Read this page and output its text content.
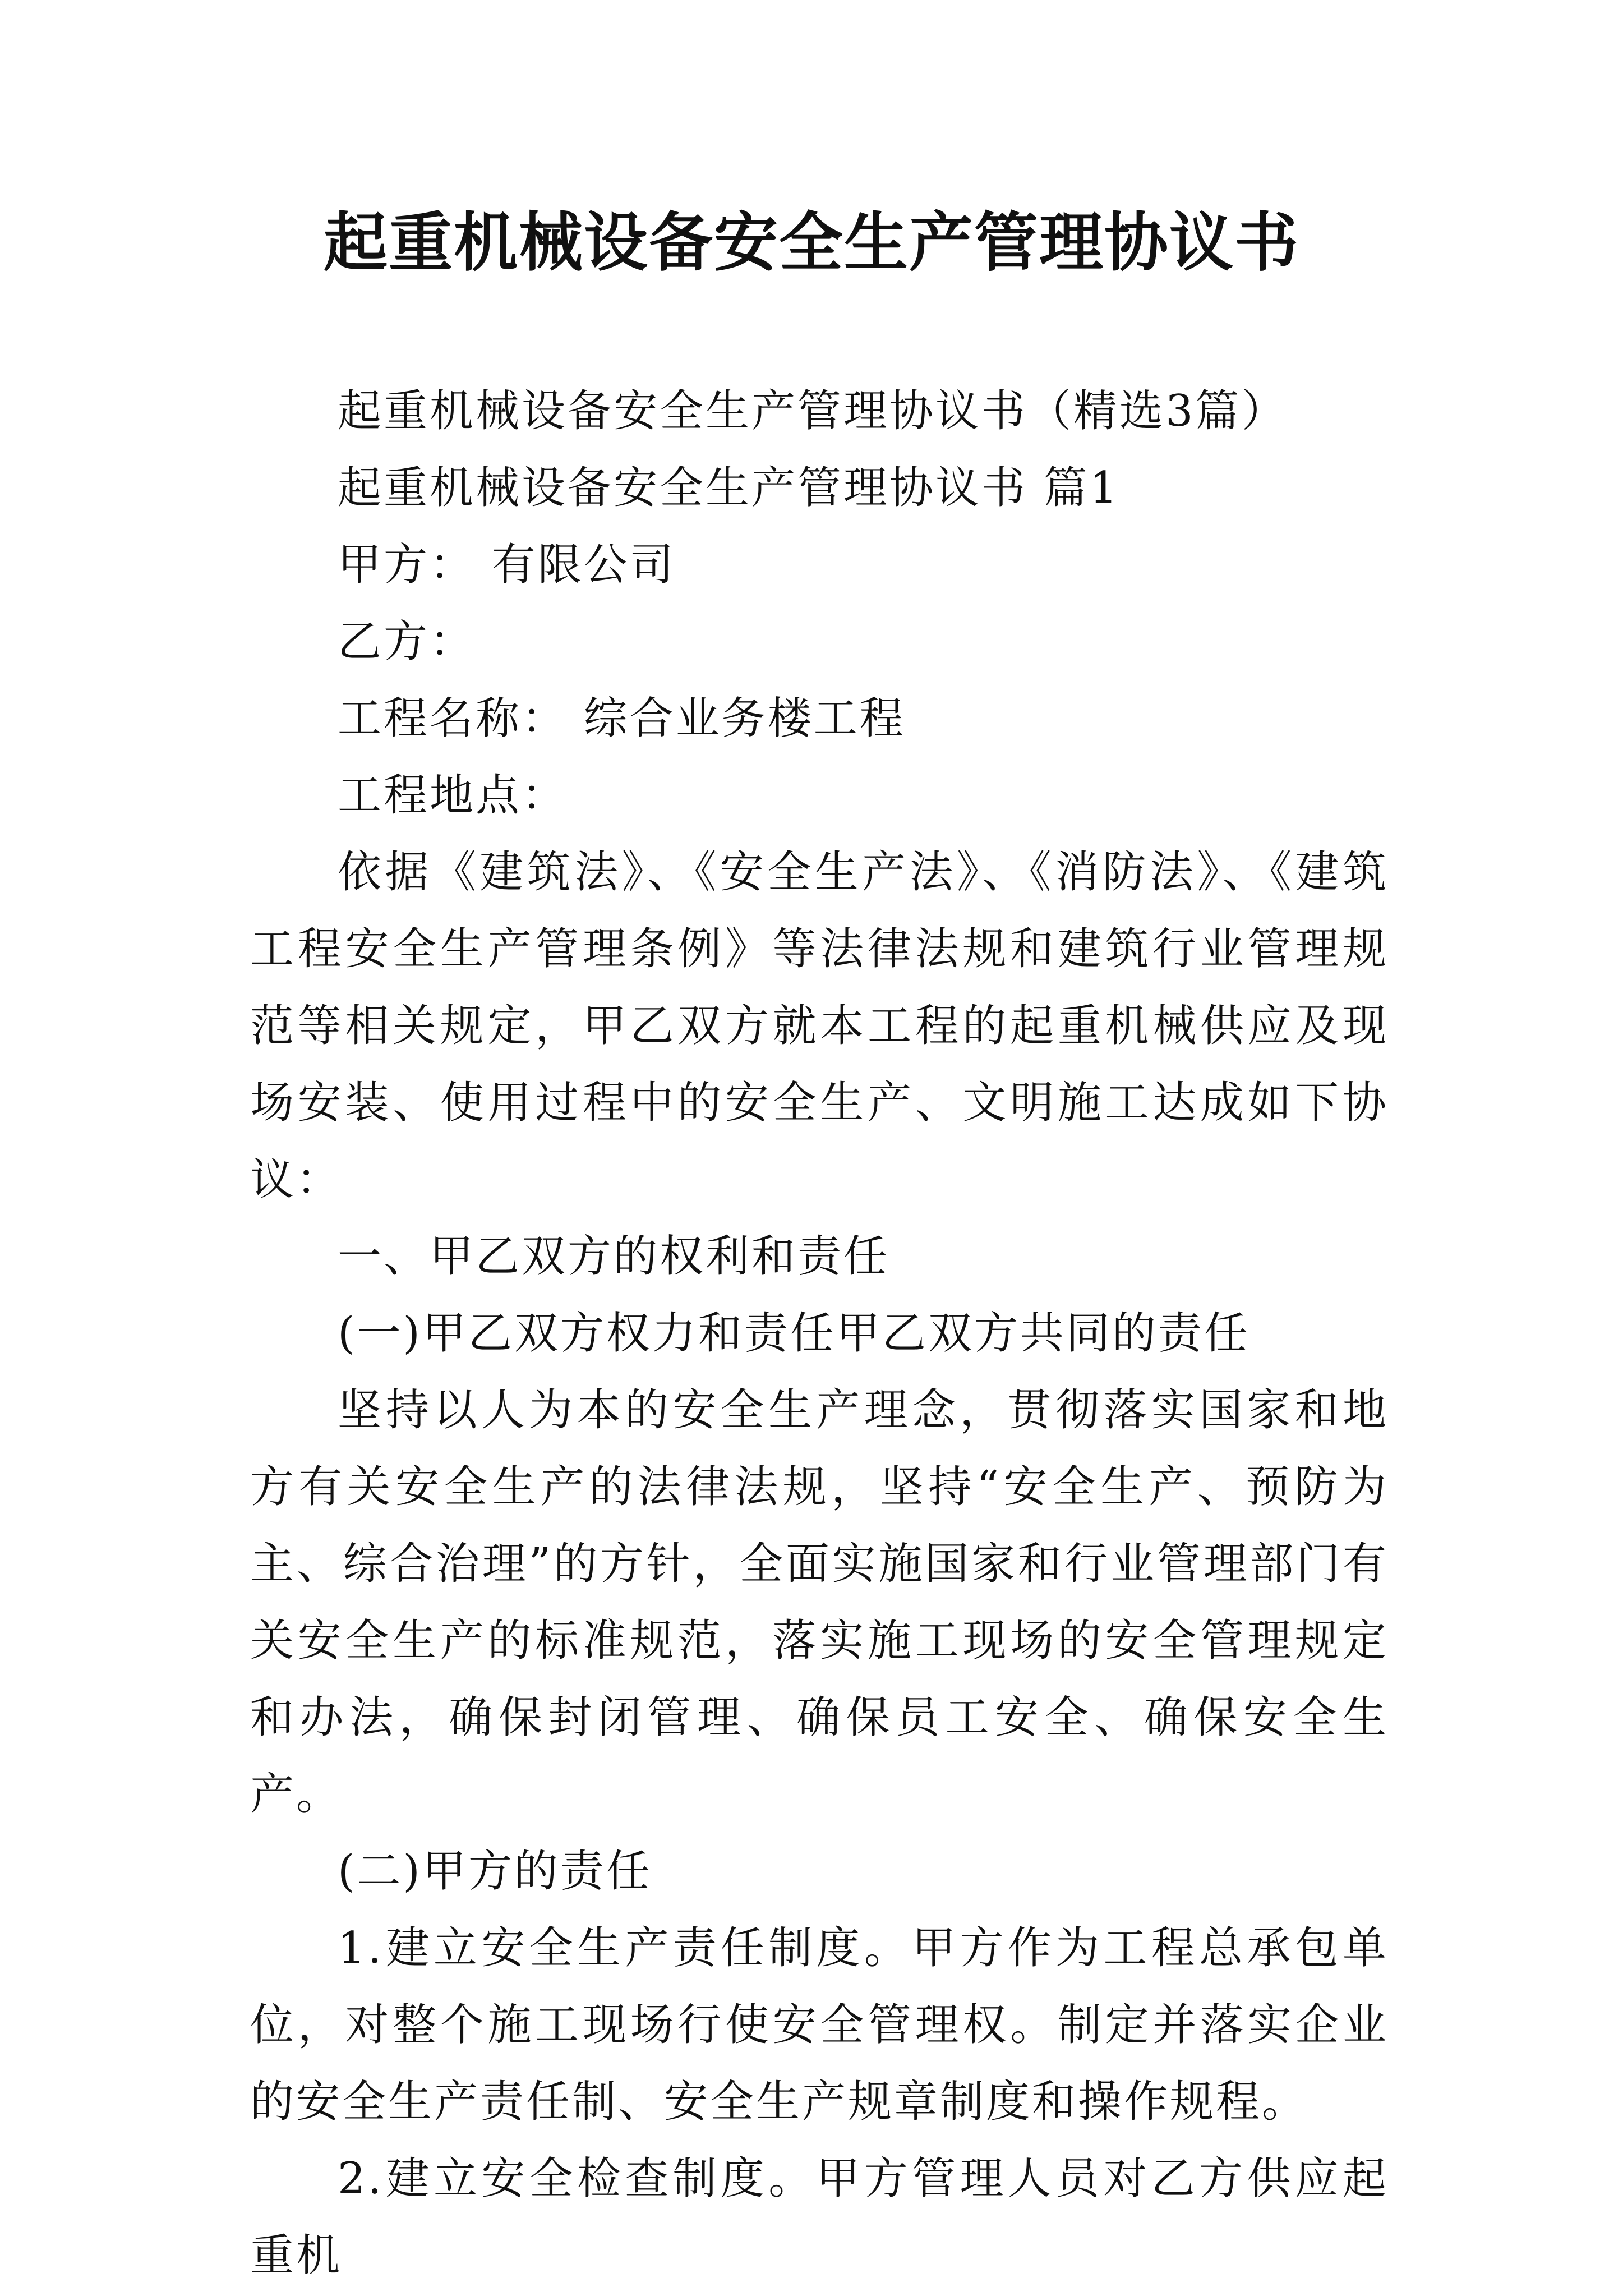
起重机械设备安全生产管理协议书

起重机械设备安全生产管理协议书（精选3篇）

起重机械设备安全生产管理协议书 篇1

甲方： 有限公司

乙方：

工程名称： 综合业务楼工程

工程地点：

依据《建筑法》、《安全生产法》、《消防法》、《建筑工程安全生产管理条例》等法律法规和建筑行业管理规范等相关规定，甲乙双方就本工程的起重机械供应及现场安装、使用过程中的安全生产、文明施工达成如下协议：

一、甲乙双方的权利和责任

(一)甲乙双方权力和责任甲乙双方共同的责任

坚持以人为本的安全生产理念，贯彻落实国家和地方有关安全生产的法律法规，坚持“安全生产、预防为主、综合治理”的方针，全面实施国家和行业管理部门有关安全生产的标准规范，落实施工现场的安全管理规定和办法，确保封闭管理、确保员工安全、确保安全生产。

(二)甲方的责任

1.建立安全生产责任制度。甲方作为工程总承包单位，对整个施工现场行使安全管理权。制定并落实企业的安全生产责任制、安全生产规章制度和操作规程。

2.建立安全检查制度。甲方管理人员对乙方供应起重机
